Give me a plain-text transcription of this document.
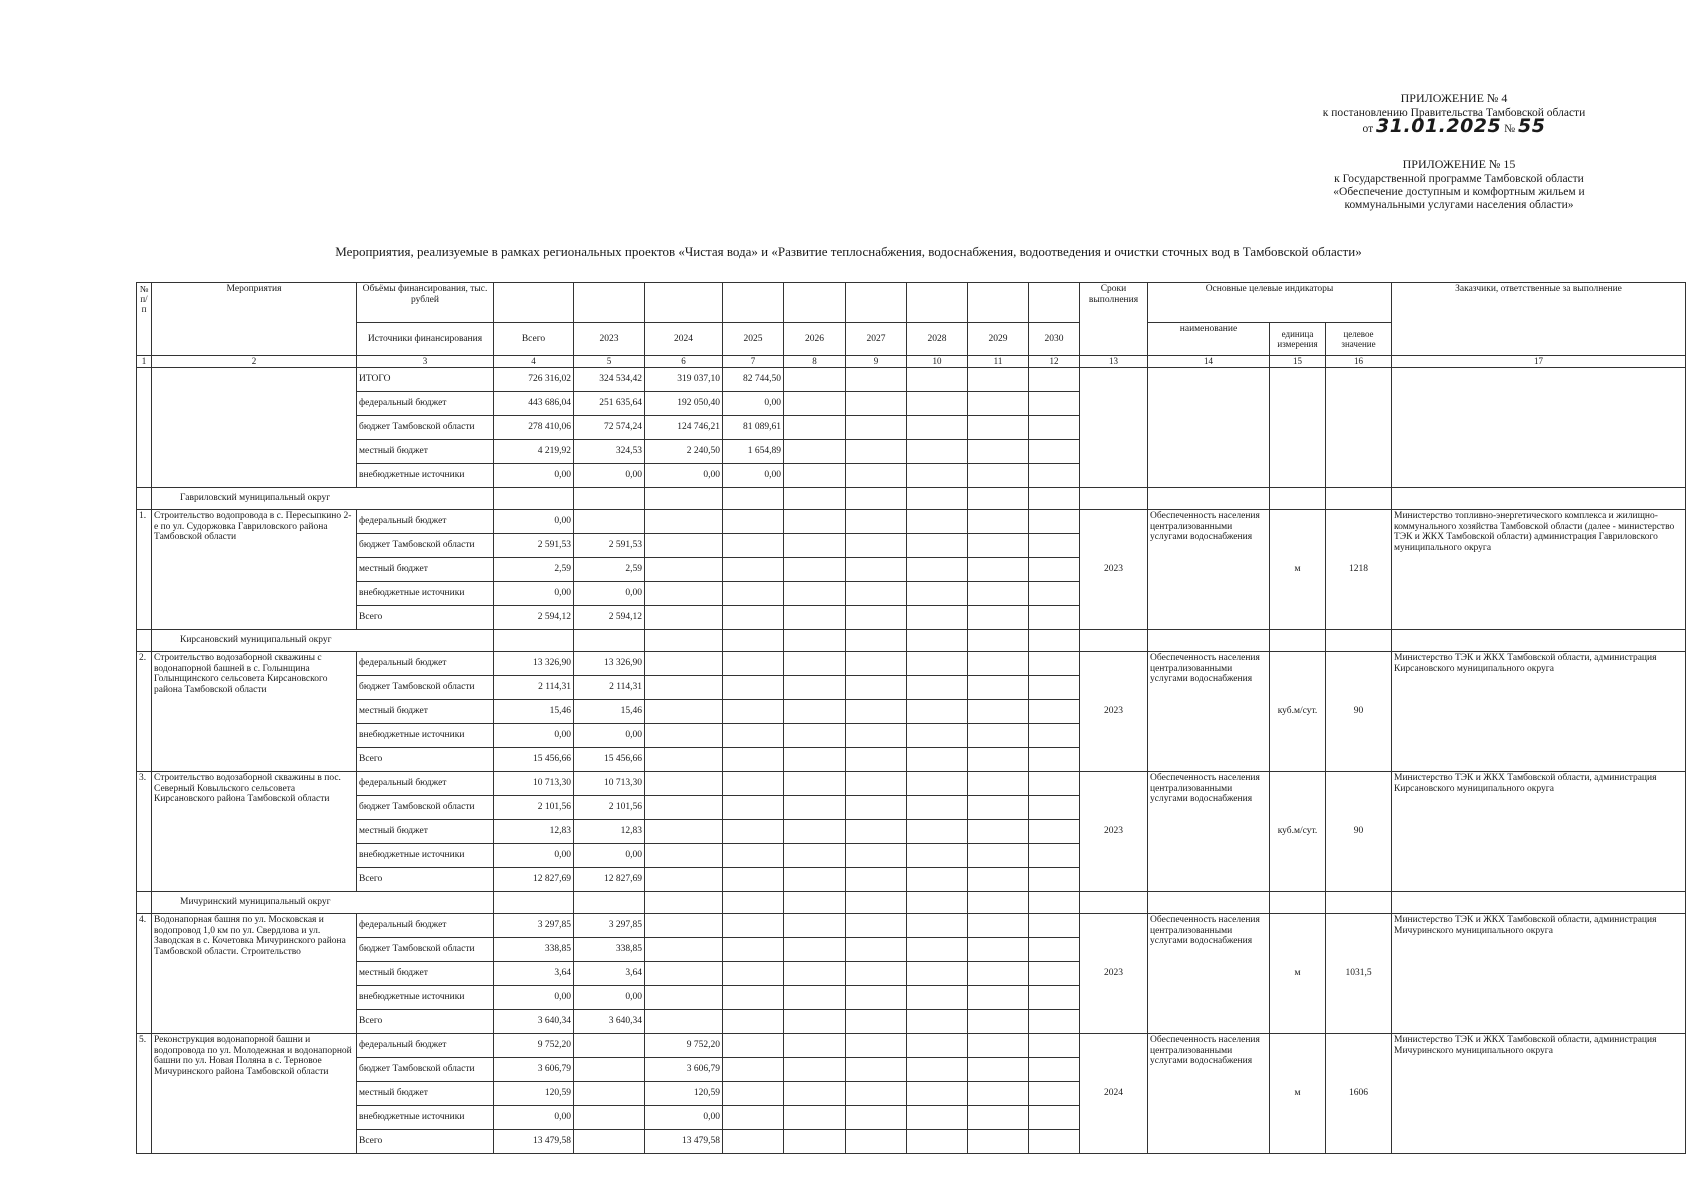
ПРИЛОЖЕНИЕ № 4
к постановлению Правительства Тамбовской области
от 31.01.2025 № 55
ПРИЛОЖЕНИЕ № 15
к Государственной программе Тамбовской области
«Обеспечение доступным и комфортным жильем и
коммунальными услугами населения области»
Мероприятия, реализуемые в рамках региональных проектов «Чистая вода» и «Развитие теплоснабжения, водоснабжения, водоотведения и очистки сточных вод в Тамбовской области»
№ п/п	Мероприятия	Объёмы финансирования, тыс. рублей										Сроки выполнения	Основные целевые индикаторы			Заказчики, ответственные за выполнение
		Источники финансирования	Всего	2023	2024	2025	2026	2027	2028	2029	2030		наименование	единица измерения	целевое значение	
1	2	3	4	5	6	7	8	9	10	11	12	13	14	15	16	17
		ИТОГО	726 316,02	324 534,42	319 037,10	82 744,50										
		федеральный бюджет	443 686,04	251 635,64	192 050,40	0,00										
		бюджет Тамбовской области	278 410,06	72 574,24	124 746,21	81 089,61										
		местный бюджет	4 219,92	324,53	2 240,50	1 654,89										
		внебюджетные источники	0,00	0,00	0,00	0,00										
	Гавриловский муниципальный округ															
1.	Строительство водопровода в с. Пересыпкино 2-е по ул. Судоржовка Гавриловского района Тамбовской области	федеральный бюджет	0,00									2023	Обеспеченность населения централизованными услугами водоснабжения	м	1218	Министерство топливно-энергетического комплекса и жилищно-коммунального хозяйства Тамбовской области (далее - министерство ТЭК и ЖКХ Тамбовской области) администрация Гавриловского муниципального округа
		бюджет Тамбовской области	2 591,53	2 591,53												
		местный бюджет	2,59	2,59												
		внебюджетные источники	0,00	0,00												
		Всего	2 594,12	2 594,12												
	Кирсановский муниципальный округ															
2.	Строительство водозаборной скважины с водонапорной башней в с. Голынщина Голынщинского сельсовета Кирсановского района Тамбовской области	федеральный бюджет	13 326,90	13 326,90								2023	Обеспеченность населения централизованными услугами водоснабжения	куб.м/сут.	90	Министерство ТЭК и ЖКХ Тамбовской области, администрация Кирсановского муниципального округа
		бюджет Тамбовской области	2 114,31	2 114,31												
		местный бюджет	15,46	15,46												
		внебюджетные источники	0,00	0,00												
		Всего	15 456,66	15 456,66												
3.	Строительство водозаборной скважины в пос. Северный Ковыльского сельсовета Кирсановского района Тамбовской области	федеральный бюджет	10 713,30	10 713,30								2023	Обеспеченность населения централизованными услугами водоснабжения	куб.м/сут.	90	Министерство ТЭК и ЖКХ Тамбовской области, администрация Кирсановского муниципального округа
		бюджет Тамбовской области	2 101,56	2 101,56												
		местный бюджет	12,83	12,83												
		внебюджетные источники	0,00	0,00												
		Всего	12 827,69	12 827,69												
	Мичуринский муниципальный округ															
4.	Водонапорная башня по ул. Московская и водопровод 1,0 км по ул. Свердлова и ул. Заводская в с. Кочетовка Мичуринского района Тамбовской области. Строительство	федеральный бюджет	3 297,85	3 297,85								2023	Обеспеченность населения централизованными услугами водоснабжения	м	1031,5	Министерство ТЭК и ЖКХ Тамбовской области, администрация Мичуринского муниципального округа
		бюджет Тамбовской области	338,85	338,85												
		местный бюджет	3,64	3,64												
		внебюджетные источники	0,00	0,00												
		Всего	3 640,34	3 640,34												
5.	Реконструкция водонапорной башни и водопровода по ул. Молодежная и водонапорной башни по ул. Новая Поляна в с. Терновое Мичуринского района Тамбовской области	федеральный бюджет	9 752,20		9 752,20							2024	Обеспеченность населения централизованными услугами водоснабжения	м	1606	Министерство ТЭК и ЖКХ Тамбовской области, администрация Мичуринского муниципального округа
		бюджет Тамбовской области	3 606,79		3 606,79											
		местный бюджет	120,59		120,59											
		внебюджетные источники	0,00		0,00											
		Всего	13 479,58		13 479,58											
